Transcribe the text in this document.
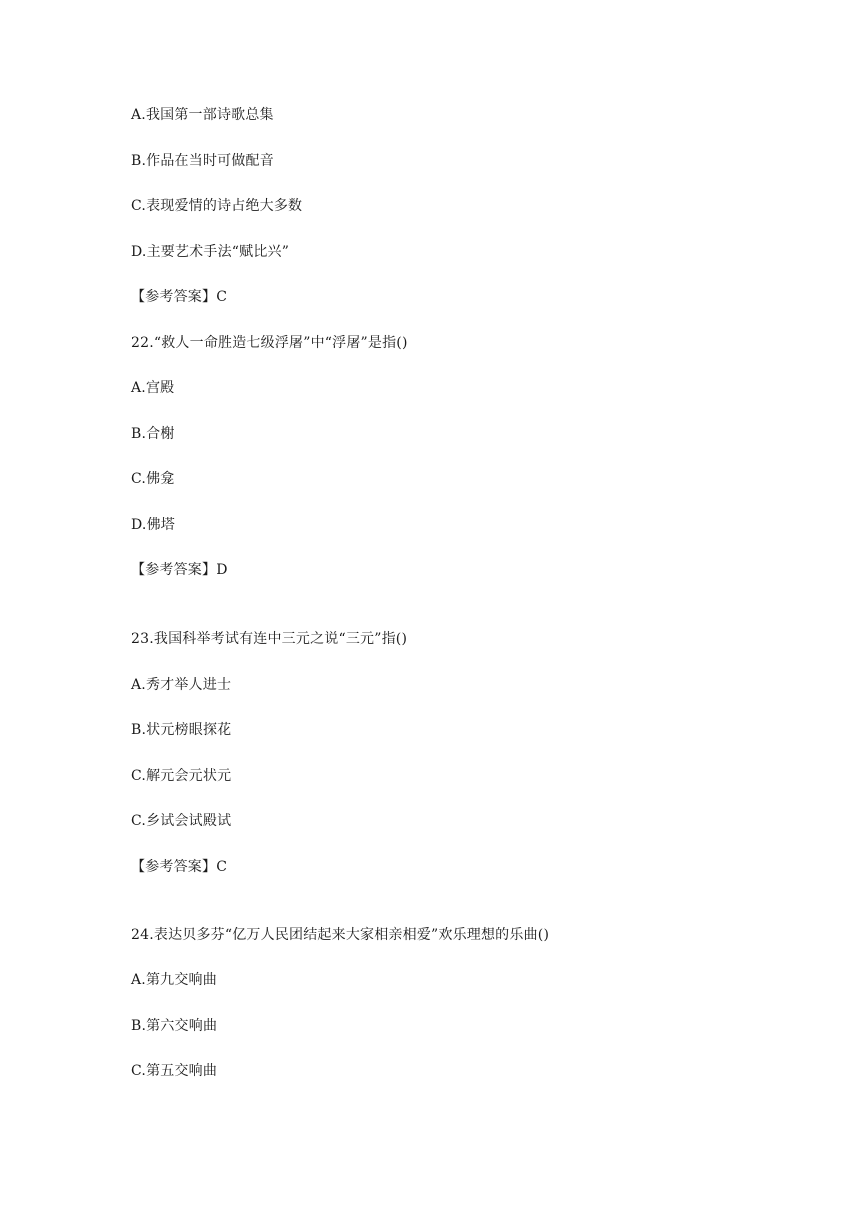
A.我国第一部诗歌总集
B.作品在当时可做配音
C.表现爱情的诗占绝大多数
D.主要艺术手法“赋比兴”
【参考答案】C
22.“救人一命胜造七级浮屠”中“浮屠”是指()
A.宫殿
B.合榭
C.佛龛
D.佛塔
【参考答案】D
23.我国科举考试有连中三元之说“三元”指()
A.秀才举人进士
B.状元榜眼探花
C.解元会元状元
C.乡试会试殿试
【参考答案】C
24.表达贝多芬“亿万人民团结起来大家相亲相爱”欢乐理想的乐曲()
A.第九交响曲
B.第六交响曲
C.第五交响曲
